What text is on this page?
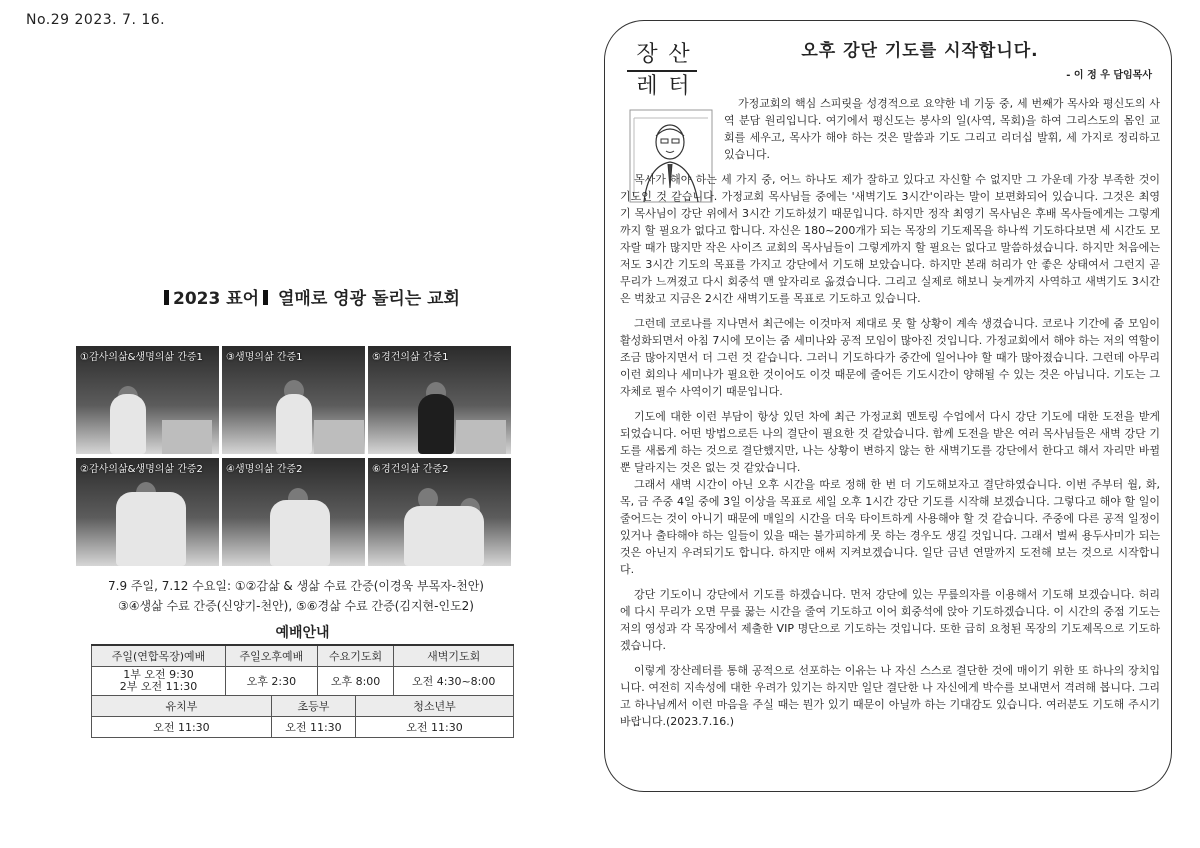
No.29 2023. 7. 16.
2023 표어 열매로 영광 돌리는 교회
①감사의삶&생명의삶 간증1 ③생명의삶 간증1	⑤경건의삶 간증1
②감사의삶&생명의삶 간증2 ④생명의삶 간증2	⑥경건의삶 간증2
7.9 주일, 7.12 수요일: ①②감삶 & 생삶 수료 간증(이경욱 부목자-천안)
③④생삶 수료 간증(신양기-천안), ⑤⑥경삶 수료 간증(김지현-인도2)
예배안내					
주일(연합목장)예배	주일오후예배		수요기도회		새벽기도회

1부 오전 9:30
2부 오전 11:30	오후 2:30		오후 8:00		오전 4:30~8:00
유치부		초등부		청소년부	
오전 11:30		오전 11:30		오전 11:30	
장 산
레 터
오후 강단 기도를 시작합니다.
- 이 정 우 담임목사

가정교회의 핵심 스피릿을 성경적으로 요약한 네 기둥 중, 세 번째가 목사와 평신도의 사역 분담 원리입니다. 여기에서 평신도는 봉사의 일(사역, 목회)을 하여 그리스도의 몸인 교회를 세우고, 목사가 해야 하는 것은 말씀과 기도 그리고 리더십 발휘, 세 가지로 정리하고 있습니다.

목사가 해야 하는 세 가지 중, 어느 하나도 제가 잘하고 있다고 자신할 수 없지만 그 가운데 가장 부족한 것이 기도인 것 같습니다. 가정교회 목사님들 중에는 '새벽기도 3시간'이라는 말이 보편화되어 있습니다. 그것은 최영기 목사님이 강단 위에서 3시간 기도하셨기 때문입니다. 하지만 정작 최영기 목사님은 후배 목사들에게는 그렇게까지 할 필요가 없다고 합니다. 자신은 180~200개가 되는 목장의 기도제목을 하나씩 기도하다보면 세 시간도 모자랄 때가 많지만 작은 사이즈 교회의 목사님들이 그렇게까지 할 필요는 없다고 말씀하셨습니다. 하지만 처음에는 저도 3시간 기도의 목표를 가지고 강단에서 기도해 보았습니다. 하지만 본래 허리가 안 좋은 상태여서 그런지 곧 무리가 느껴졌고 다시 회중석 맨 앞자리로 옮겼습니다. 그리고 실제로 해보니 늦게까지 사역하고 새벽기도 3시간은 벅찼고 지금은 2시간 새벽기도를 목표로 기도하고 있습니다.

그런데 코로나를 지나면서 최근에는 이것마저 제대로 못 할 상황이 계속 생겼습니다. 코로나 기간에 줌 모임이 활성화되면서 아침 7시에 모이는 줌 세미나와 공적 모임이 많아진 것입니다. 가정교회에서 해야 하는 저의 역할이 조금 많아지면서 더 그런 것 같습니다. 그러니 기도하다가 중간에 일어나야 할 때가 많아졌습니다. 그런데 아무리 이런 회의나 세미나가 필요한 것이어도 이것 때문에 줄어든 기도시간이 양해될 수 있는 것은 아닙니다. 기도는 그 자체로 필수 사역이기 때문입니다.

기도에 대한 이런 부담이 항상 있던 차에 최근 가정교회 멘토링 수업에서 다시 강단 기도에 대한 도전을 받게 되었습니다. 어떤 방법으로든 나의 결단이 필요한 것 같았습니다. 함께 도전을 받은 여러 목사님들은 새벽 강단 기도를 새롭게 하는 것으로 결단했지만, 나는 상황이 변하지 않는 한 새벽기도를 강단에서 한다고 해서 자리만 바뀔 뿐 달라지는 것은 없는 것 같았습니다.

그래서 새벽 시간이 아닌 오후 시간을 따로 정해 한 번 더 기도해보자고 결단하였습니다. 이번 주부터 월, 화, 목, 금 주중 4일 중에 3일 이상을 목표로 세일 오후 1시간 강단 기도를 시작해 보겠습니다. 그렇다고 해야 할 일이 줄어드는 것이 아니기 때문에 매일의 시간을 더욱 타이트하게 사용해야 할 것 같습니다. 주중에 다른 공적 일정이 있거나 출타해야 하는 일들이 있을 때는 불가피하게 못 하는 경우도 생길 것입니다. 그래서 벌써 용두사미가 되는 것은 아닌지 우려되기도 합니다. 하지만 애써 지켜보겠습니다. 일단 금년 연말까지 도전해 보는 것으로 시작합니다.

강단 기도이니 강단에서 기도를 하겠습니다. 먼저 강단에 있는 무릎의자를 이용해서 기도해 보겠습니다. 허리에 다시 무리가 오면 무릎 꿇는 시간을 줄여 기도하고 이어 회중석에 앉아 기도하겠습니다. 이 시간의 중점 기도는 저의 영성과 각 목장에서 제출한 VIP 명단으로 기도하는 것입니다. 또한 급히 요청된 목장의 기도제목으로 기도하겠습니다.

이렇게 장산레터를 통해 공적으로 선포하는 이유는 나 자신 스스로 결단한 것에 매이기 위한 또 하나의 장치입니다. 여전히 지속성에 대한 우려가 있기는 하지만 일단 결단한 나 자신에게 박수를 보내면서 격려해 봅니다. 그리고 하나님께서 이런 마음을 주실 때는 뭔가 있기 때문이 아닐까 하는 기대감도 있습니다. 여러분도 기도해 주시기 바랍니다.(2023.7.16.)
